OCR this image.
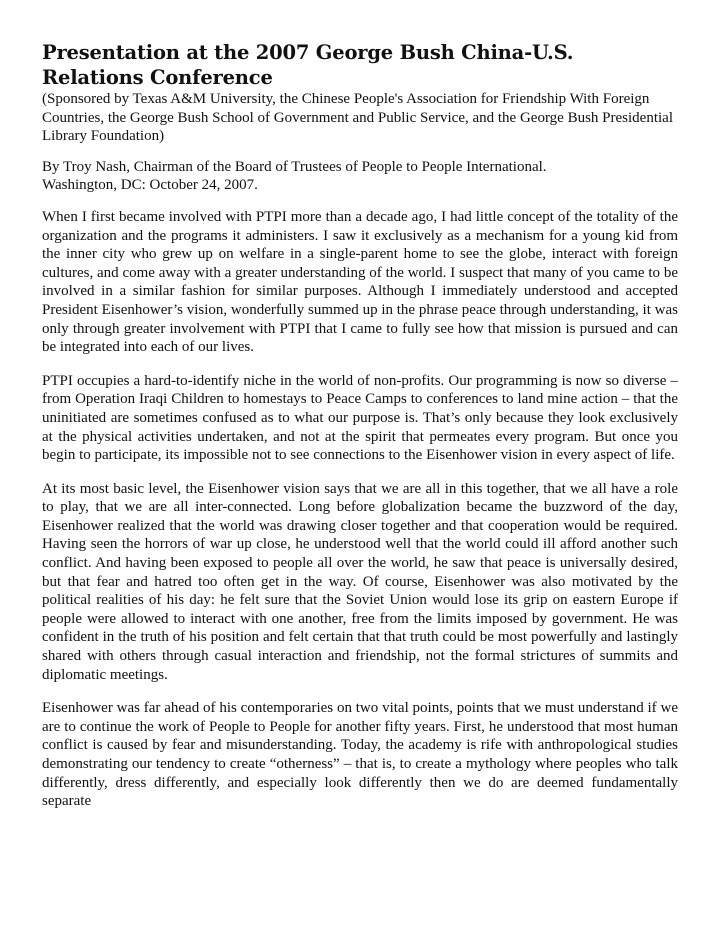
Presentation at the 2007 George Bush China-U.S. Relations Conference

(Sponsored by Texas A&M University, the Chinese People's Association for Friendship With Foreign Countries, the George Bush School of Government and Public Service, and the George Bush Presidential Library Foundation)

By Troy Nash, Chairman of the Board of Trustees of People to People International.
Washington, DC: October 24, 2007.

When I first became involved with PTPI more than a decade ago, I had little concept of the totality of the organization and the programs it administers. I saw it exclusively as a mechanism for a young kid from the inner city who grew up on welfare in a single-parent home to see the globe, interact with foreign cultures, and come away with a greater understanding of the world. I suspect that many of you came to be involved in a similar fashion for similar purposes. Although I immediately understood and accepted President Eisenhower’s vision, wonderfully summed up in the phrase peace through understanding, it was only through greater involvement with PTPI that I came to fully see how that mission is pursued and can be integrated into each of our lives.

PTPI occupies a hard-to-identify niche in the world of non-profits. Our programming is now so diverse – from Operation Iraqi Children to homestays to Peace Camps to conferences to land mine action – that the uninitiated are sometimes confused as to what our purpose is. That’s only because they look exclusively at the physical activities undertaken, and not at the spirit that permeates every program. But once you begin to participate, its impossible not to see connections to the Eisenhower vision in every aspect of life.

At its most basic level, the Eisenhower vision says that we are all in this together, that we all have a role to play, that we are all inter-connected. Long before globalization became the buzzword of the day, Eisenhower realized that the world was drawing closer together and that cooperation would be required. Having seen the horrors of war up close, he understood well that the world could ill afford another such conflict. And having been exposed to people all over the world, he saw that peace is universally desired, but that fear and hatred too often get in the way. Of course, Eisenhower was also motivated by the political realities of his day: he felt sure that the Soviet Union would lose its grip on eastern Europe if people were allowed to interact with one another, free from the limits imposed by government. He was confident in the truth of his position and felt certain that that truth could be most powerfully and lastingly shared with others through casual interaction and friendship, not the formal strictures of summits and diplomatic meetings.

Eisenhower was far ahead of his contemporaries on two vital points, points that we must understand if we are to continue the work of People to People for another fifty years. First, he understood that most human conflict is caused by fear and misunderstanding. Today, the academy is rife with anthropological studies demonstrating our tendency to create “otherness” – that is, to create a mythology where peoples who talk differently, dress differently, and especially look differently then we do are deemed fundamentally separate
